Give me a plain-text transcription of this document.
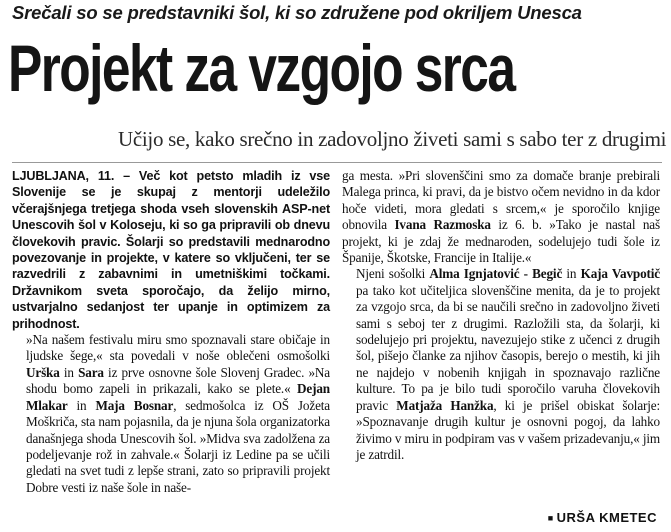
Srečali so se predstavniki šol, ki so združene pod okriljem Unesca
Projekt za vzgojo srca
Učijo se, kako srečno in zadovoljno živeti sami s sabo ter z drugimi

LJUBLJANA, 11. – Več kot petsto mladih iz vse Slovenije se je skupaj z mentorji udeležilo včerajšnjega tretjega shoda vseh slovenskih ASP-net Unescovih šol v Koloseju, ki so ga pripravili ob dnevu človekovih pravic. Šolarji so predstavili mednarodno povezovanje in projekte, v katere so vključeni, ter se razvedrili z zabavnimi in umetniškimi točkami. Državnikom sveta sporočajo, da želijo mirno, ustvarjalno sedanjost ter upanje in optimizem za prihodnost.

»Na našem festivalu miru smo spoznavali stare običaje in ljudske šege,« sta povedali v noše oblečeni osmošolki Urška in Sara iz prve osnovne šole Slovenj Gradec. »Na shodu bomo zapeli in prikazali, kako se plete.« Dejan Mlakar in Maja Bosnar, sedmošolca iz OŠ Jožeta Moškriča, sta nam pojasnila, da je njuna šola organizatorka današnjega shoda Unescovih šol. »Midva sva zadolžena za podeljevanje rož in zahvale.« Šolarji iz Ledine pa se učili gledati na svet tudi z lepše strani, zato so pripravili projekt Dobre vesti iz naše šole in naše-

ga mesta. »Pri slovenščini smo za domače branje prebirali Malega princa, ki pravi, da je bistvo očem nevidno in da kdor hoče videti, mora gledati s srcem,« je sporočilo knjige obnovila Ivana Razmoska iz 6. b. »Tako je nastal naš projekt, ki je zdaj že mednaroden, sodelujejo tudi šole iz Španije, Škotske, Francije in Italije.«

Njeni sošolki Alma Ignjatović - Begič in Kaja Vavpotič pa tako kot učiteljica slovenščine menita, da je to projekt za vzgojo srca, da bi se naučili srečno in zadovoljno živeti sami s seboj ter z drugimi. Razložili sta, da šolarji, ki sodelujejo pri projektu, navezujejo stike z učenci z drugih šol, pišejo članke za njihov časopis, berejo o mestih, ki jih ne najdejo v nobenih knjigah in spoznavajo različne kulture. To pa je bilo tudi sporočilo varuha človekovih pravic Matjaža Hanžka, ki je prišel obiskat šolarje: »Spoznavanje drugih kultur je osnovni pogoj, da lahko živimo v miru in podpiram vas v vašem prizadevanju,« jim je zatrdil.

■ URŠA KMETEC
